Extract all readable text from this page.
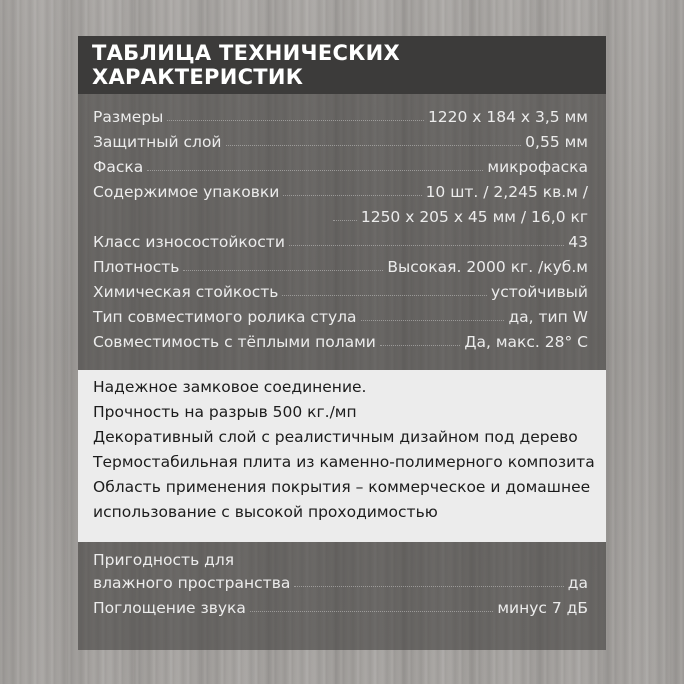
ТАБЛИЦА ТЕХНИЧЕСКИХ ХАРАКТЕРИСТИК
Размеры	1220 x 184 x 3,5 мм
Защитный слой	0,55 мм
Фаска	микрофаска
Содержимое упаковки	10 шт. / 2,245 кв.м /
1250 x 205 x 45 мм / 16,0 кг
Класс износостойкости	43
Плотность	Высокая. 2000 кг. /куб.м
Химическая стойкость	устойчивый
Тип совместимого ролика стула	да, тип W
Совместимость с тёплыми полами	Да, макс. 28° С
Надежное замковое соединение.
Прочность на разрыв 500 кг./мп
Декоративный слой с реалистичным дизайном под дерево
Термостабильная плита из каменно-полимерного композита
Область применения покрытия – коммерческое и домашнее
использование с высокой проходимостью
Пригодность для
влажного пространства	да
Поглощение звука	минус 7 дБ
